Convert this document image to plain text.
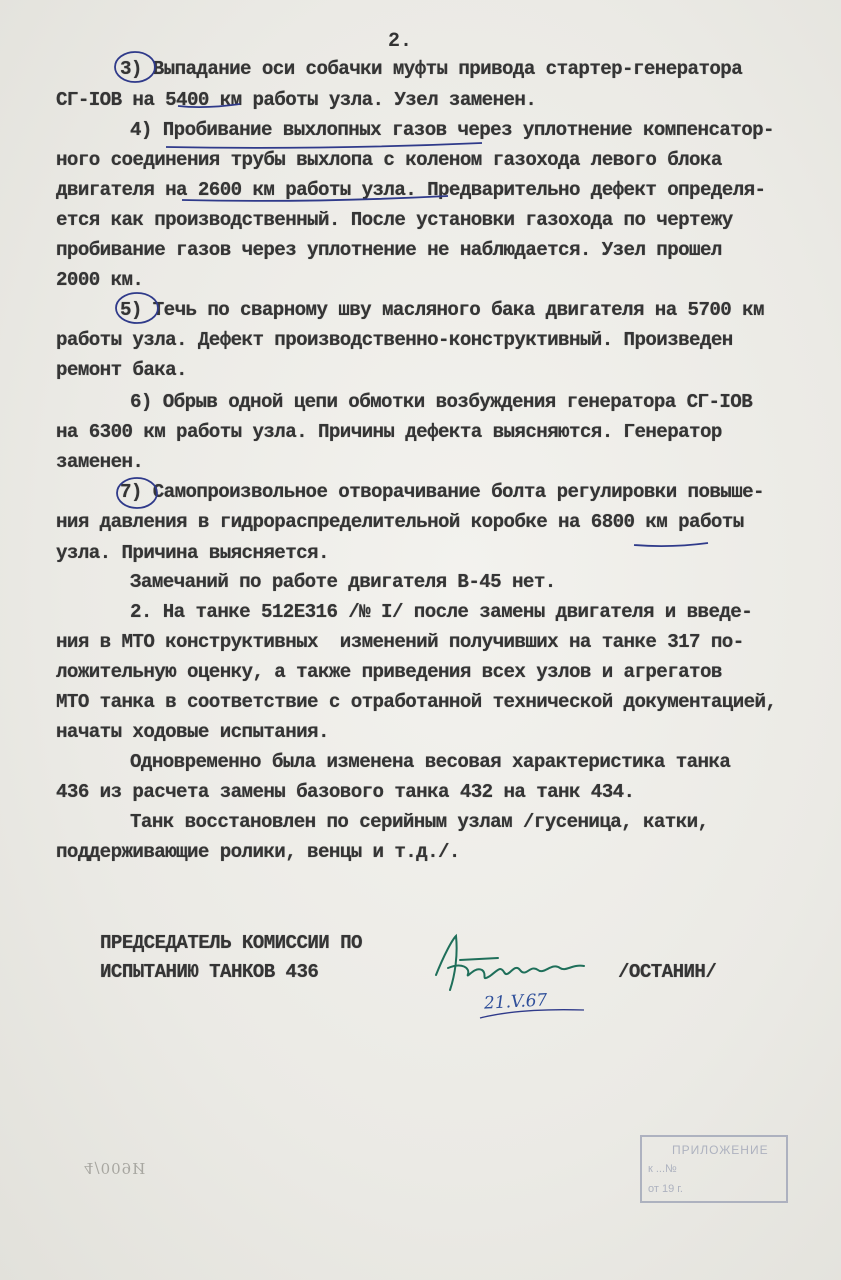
2.
3) Выпадание оси собачки муфты привода стартер-генератора
СГ-ІОВ на 5400 км работы узла. Узел заменен.
4) Пробивание выхлопных газов через уплотнение компенсатор-
ного соединения трубы выхлопа с коленом газохода левого блока
двигателя на 2600 км работы узла. Предварительно дефект определя-
ется как производственный. После установки газохода по чертежу
пробивание газов через уплотнение не наблюдается. Узел прошел
2000 км.
5) Течь по сварному шву масляного бака двигателя на 5700 км
работы узла. Дефект производственно-конструктивный. Произведен
ремонт бака.
6) Обрыв одной цепи обмотки возбуждения генератора СГ-ІОВ
на 6300 км работы узла. Причины дефекта выясняются. Генератор
заменен.
7) Самопроизвольное отворачивание болта регулировки повыше-
ния давления в гидрораспределительной коробке на 6800 км работы
узла. Причина выясняется.
Замечаний по работе двигателя В-45 нет.
2. На танке 512Е316 /№ І/ после замены двигателя и введе-
ния в МТО конструктивных  изменений получивших на танке 317 по-
ложительную оценку, а также приведения всех узлов и агрегатов
МТО танка в соответствие с отработанной технической документацией,
начаты ходовые испытания.
Одновременно была изменена весовая характеристика танка
436 из расчета замены базового танка 432 на танк 434.
Танк восстановлен по серийным узлам /гусеница, катки,
поддерживающие ролики, венцы и т.д./.
ПРЕДСЕДАТЕЛЬ КОМИССИИ ПО
ИСПЫТАНИЮ ТАНКОВ 436	/ОСТАНИН/
21.V.67
4/009И
ПРИЛОЖЕНИЕ
к ...№
от 19 г.
